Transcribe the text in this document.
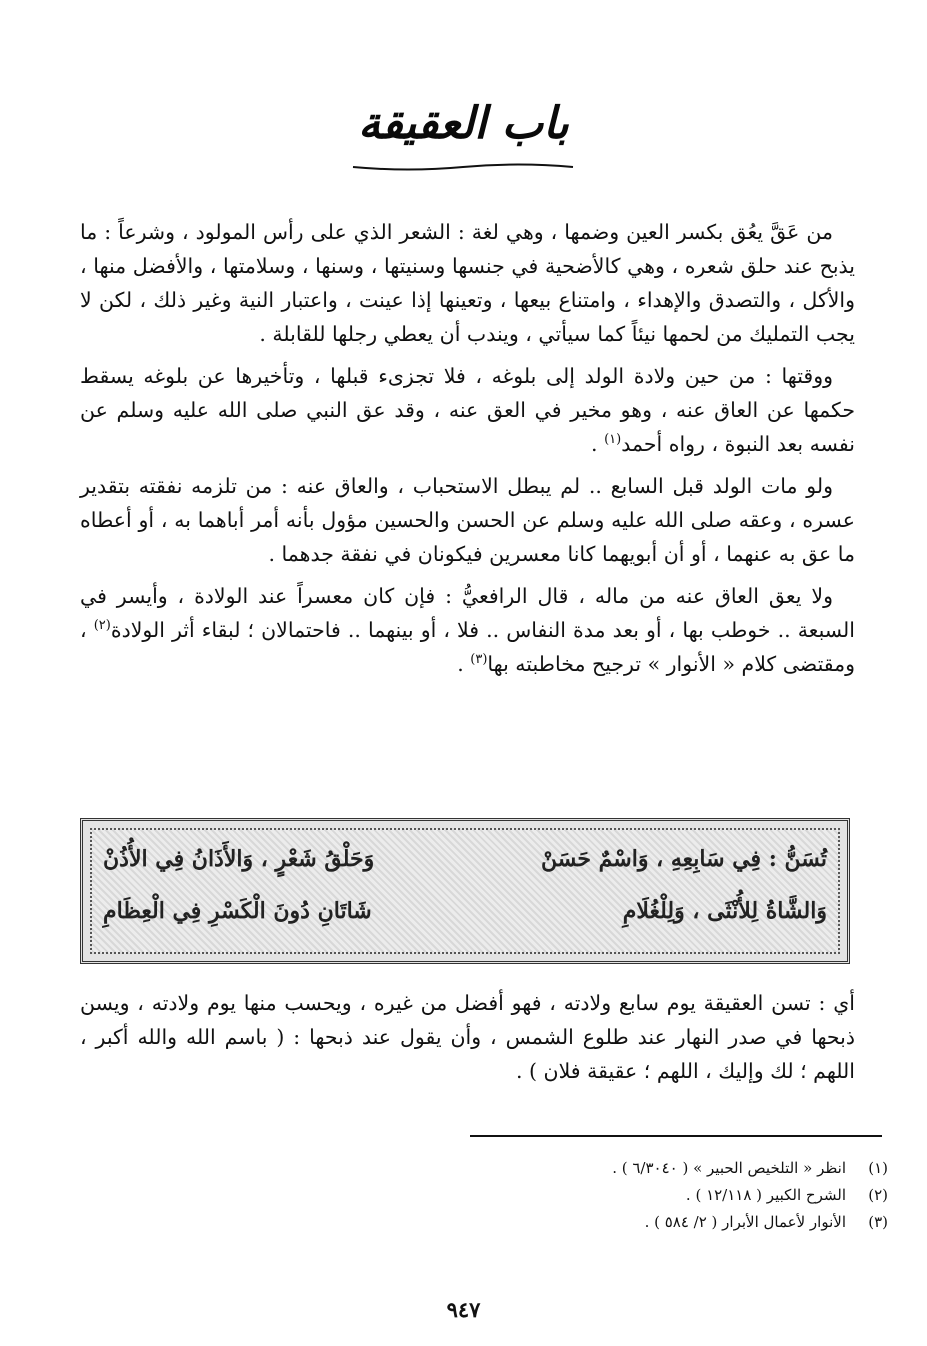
باب العقيقة

من عَقَّ يعُق بكسر العين وضمها ، وهي لغة : الشعر الذي على رأس المولود ، وشرعاً : ما يذبح عند حلق شعره ، وهي كالأضحية في جنسها وسنيتها ، وسنها ، وسلامتها ، والأفضل منها ، والأكل ، والتصدق والإهداء ، وامتناع بيعها ، وتعينها إذا عينت ، واعتبار النية وغير ذلك ، لكن لا يجب التمليك من لحمها نيئاً كما سيأتي ، ويندب أن يعطي رجلها للقابلة .

ووقتها : من حين ولادة الولد إلى بلوغه ، فلا تجزىء قبلها ، وتأخيرها عن بلوغه يسقط حكمها عن العاق عنه ، وهو مخير في العق عنه ، وقد عق النبي صلى الله عليه وسلم عن نفسه بعد النبوة ، رواه أحمد$^{(١)}$ .

ولو مات الولد قبل السابع .. لم يبطل الاستحباب ، والعاق عنه : من تلزمه نفقته بتقدير عسره ، وعقه صلى الله عليه وسلم عن الحسن والحسين مؤول بأنه أمر أباهما به ، أو أعطاه ما عق به عنهما ، أو أن أبويهما كانا معسرين فيكونان في نفقة جدهما .

ولا يعق العاق عنه من ماله ، قال الرافعيُّ : فإن كان معسراً عند الولادة ، وأيسر في السبعة .. خوطب بها ، أو بعد مدة النفاس .. فلا ، أو بينهما .. فاحتمالان ؛ لبقاء أثر الولادة$^{(٢)}$ ، ومقتضى كلام « الأنوار » ترجيح مخاطبته بها$^{(٣)}$ .

تُسَنُّ : فِي سَابِعِهِ ، وَاسْمٌ حَسَنْ
وَحَلْقُ شَعْرٍ ، وَالأَذَانُ فِي الأُذُنْ
وَالشَّاةُ لِلأُنْثَى ، وَلِلْغُلَامِ
شَاتَانِ دُونَ الْكَسْرِ فِي الْعِظَامِ

أي : تسن العقيقة يوم سابع ولادته ، فهو أفضل من غيره ، ويحسب منها يوم ولادته ، ويسن ذبحها في صدر النهار عند طلوع الشمس ، وأن يقول عند ذبحها : ( باسم الله والله أكبر ، اللهم ؛ لك وإليك ، اللهم ؛ عقيقة فلان ) .

(١)
انظر « التلخيص الحبير » ( ٦/٣٠٤٠ ) .
(٢)
الشرح الكبير ( ١٢/١١٨ ) .
(٣)
الأنوار لأعمال الأبرار ( ٢/ ٥٨٤ ) .
٩٤٧
